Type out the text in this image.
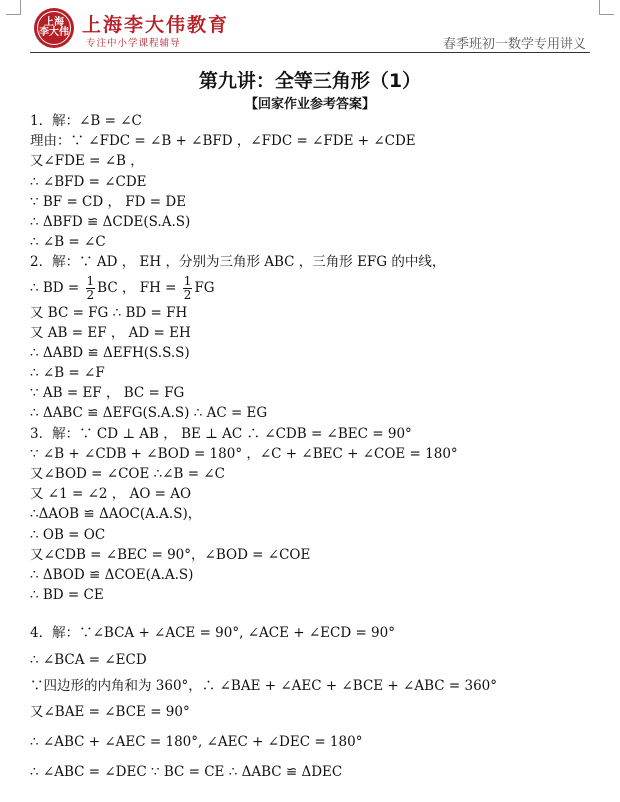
上海
李大伟 上海李大伟教育
专注中小学课程辅导	春季班初一数学专用讲义
第九讲：全等三角形（1）
【回家作业参考答案】
1．解：∠B = ∠C
理由：∵ ∠FDC = ∠B + ∠BFD ，∠FDC = ∠FDE + ∠CDE
又∠FDE = ∠B ，
∴ ∠BFD = ∠CDE
∵ BF = CD ， FD = DE
∴ ΔBFD ≌ ΔCDE(S.A.S)
∴ ∠B = ∠C
2．解：∵ AD ， EH ，分别为三角形 ABC ，三角形 EFG 的中线，
∴ BD = $\frac{1}{2}$ BC ， FH = $\frac{1}{2}$ FG
又 BC = FG ∴ BD = FH
又 AB = EF ， AD = EH
∴ ΔABD ≌ ΔEFH(S.S.S)
∴ ∠B = ∠F
∵ AB = EF ， BC = FG
∴ ΔABC ≌ ΔEFG(S.A.S) ∴ AC = EG
3．解：∵ CD ⊥ AB ， BE ⊥ AC ∴ ∠CDB = ∠BEC = 90°
∵ ∠B + ∠CDB + ∠BOD = 180° ，∠C + ∠BEC + ∠COE = 180°
又∠BOD = ∠COE ∴∠B = ∠C
又 ∠1 = ∠2 ， AO = AO
∴ΔAOB ≌ ΔAOC(A.A.S)，
∴ OB = OC
又∠CDB = ∠BEC = 90°，∠BOD = ∠COE
∴ ΔBOD ≌ ΔCOE(A.A.S)
∴ BD = CE
4．解：∵∠BCA + ∠ACE = 90°, ∠ACE + ∠ECD = 90°
∴ ∠BCA = ∠ECD
∵四边形的内角和为 360°，∴ ∠BAE + ∠AEC + ∠BCE + ∠ABC = 360°
又∠BAE = ∠BCE = 90°
∴ ∠ABC + ∠AEC = 180°, ∠AEC + ∠DEC = 180°
∴ ∠ABC = ∠DEC ∵ BC = CE ∴ ΔABC ≌ ΔDEC
